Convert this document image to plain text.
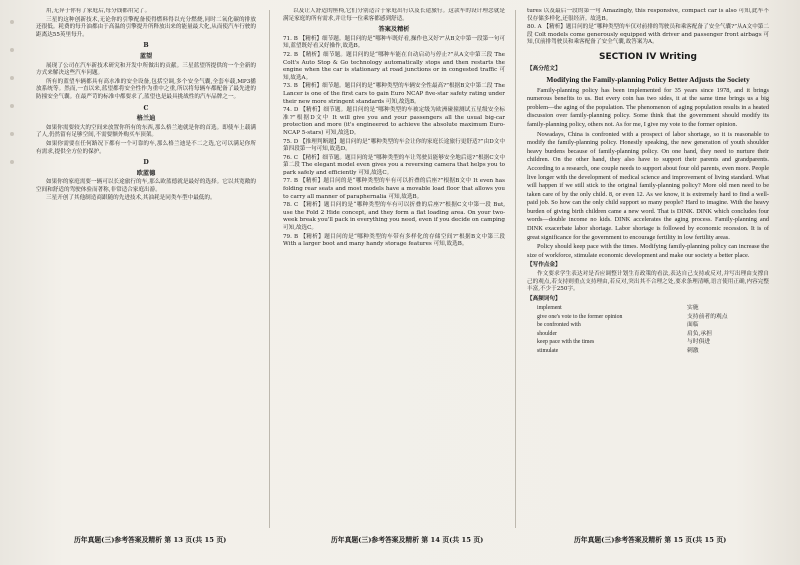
用,无异于你有了家庭后,每分钱都用完了。

三星的这种创新技术,无论你的引擎配备使得燃料得以充分燃烧,同时二氧化碳的排放还很低。耗费的每升油都由于高温的引擎提升所释放出来的能量最大化,从而使汽车行驶的距离达55英里每升。

B

蓝望

展现了公司在汽车新技术研究和开发中所做出的贡献。三星蓝望所提供的一个全新的方式来解决这些汽车问题。

所有的蓝望车辆都具有高水准的安全设备,包括空调,多个安全气囊,全套车载,MP3播放系统等。然而,一直以来,蓝望都将安全性作为重中之重,所以将每辆车都配备了最先进的防撞安全气囊。在最严苛的标准中都要求了,蓝望也是最具挑战性的汽车品牌之一。

C

格兰迪

如果你需要较大的空间来放置你所有的东西,那么格兰迪就是你的首选。即使车上载满了人,仍然留有足够空间,不需要额外购买车顶架。

如果你需要在任何路况下都有一个可靠的车,那么格兰迪是不二之选,它可以满足你所有需求,提供全方位的保护。

D

欧蓝德

如果你的家庭需要一辆可以长途旅行的车,那么欧蓝德就是最好的选择。它以其宽敞的空间和舒适的驾驶体验而著称,非常适合家庭出游。

三星开创了其他制造商跟随的先进技术,其油耗是同类车型中最低的。

以及让人舒适的座椅,它们分别适合于家庭出行以及长途旅行。这款车的设计理念就是满足家庭的所有需求,并让每一位乘客都感到舒适。

答案及精析

71. B 【精析】细节题。题目问的是“哪种车既好看,操作也又好?”从B文中第一段第一句可知,蓝望既好看又好操作,故选B。

72. B 【精析】细节题。题目问的是“哪种车能在自动启动与停止?”从A文中第三段 The Colt's Auto Stop & Go technology automatically stops and then restarts the engine when the car is stationary at road junctions or in congested traffic 可知,故选A。

73. B 【精析】细节题。题目问的是“哪种类型的车辆安全性最高?”根据B文中第二段 The Lancer is one of the first cars to gain Euro NCAP five-star safety rating under their new more stringent standards 可知,故选B。

74. D 【精析】细节题。题目问的是“哪种类型的车被定级为欧洲碰撞测试五星级安全标准?”根据D文中 It will give you and your passengers all the usual big-car protection and more (it's engineered to achieve the absolute maximum Euro-NCAP 5-stars) 可知,故选D。

75. D 【推理判断题】题目问的是“哪种类型的车会让你的家庭长途旅行更舒适?”由D文中第四段第一句可知,故选D。

76. C 【精析】细节题。题目问的是“哪种类型的车让驾驶员能够安全地后退?”根据C文中第二段 The elegant model even gives you a reversing camera that helps you to park safely and efficiently 可知,故选C。

77. B 【精析】题目问的是“哪种类型的车有可以折叠的后座?”根据B文中 It even has folding rear seats and most models have a movable load floor that allows you to carry all manner of paraphernalia 可知,故选B。

78. C 【精析】题目问的是“哪种类型的车有可以折叠的后座?”根据C文中第一段 But, use the Fold 2 Hide concept, and they form a flat loading area. On your two-week break you'll pack in everything you need, even if you decide on camping 可知,故选C。

79. B 【精析】题目问的是“哪种类型的车带有多样化的存储空间?”根据B文中第三段 With a larger boot and many handy storage features 可知,故选B。

tures 以及最后一段的第一句 Amazingly, this responsive, compact car is also 可知,此车不仅存储多样化,还很经济。故选B。

80. A 【精析】题目问的是“哪种类型的车仅对前排的驾驶员和乘客配备了安全气囊?”从A文中第二段 Colt models come generously equipped with driver and passenger front airbags 可知,仅前排驾驶员和乘客配备了安全气囊,故答案为A。

SECTION IV Writing

【高分范文】

Modifying the Family-planning Policy Better Adjusts the Society

Family-planning policy has been implemented for 35 years since 1978, and it brings numerous benefits to us. But every coin has two sides, it at the same time brings us a big problem—the aging of the population. The phenomenon of aging population results in a heated discussion over family-planning policy. Some think that the government should modify its family-planning policy, others not. As for me, I give my vote to the former opinion.

Nowadays, China is confronted with a prospect of labor shortage, so it is reasonable to modify the family-planning policy. Honestly speaking, the new generation of youth shoulder heavy burdens because of family-planning policy. On one hand, they need to nurture their children. On the other hand, they also have to support their parents and grandparents. According to a research, one couple needs to support about four old parents, even more. People live longer with the development of medical science and improvement of living standard. What will happen if we still stick to the original family-planning policy? More old men need to be taken care of by the only child. 8, or even 12. As we know, it is extremely hard to find a well-paid job. So how can the only child support so many people? Hard to imagine. With the heavy burden of giving birth children came a new word. That is DINK. DINK which concludes four words—double income no kids. DINK accelerates the aging process. Family-planning and DINK exacerbate labor shortage. Labor shortage is followed by economic recession. It is of great significance for the government to encourage fertility in low fertility areas.

Policy should keep pace with the times. Modifying family-planning policy can increase the size of workforce, stimulate economic development and make our society a better place.

【写作点金】

作文要求学生表达对是否应调整计划生育政策的看法,表达自己支持或反对,并写出理由支撑自己的观点,若支持则重点支持理由,若反对,突出其不合理之处,要求条理清晰,语言使用正确,内容完整丰富,不少于250字。

【高频词句】

implement	实施
give one's vote to the former opinion	支持前者的观点
be confronted with	面临
shoulder	肩负,承担
keep pace with the times	与时俱进
stimulate	刺激
历年真题(三)参考答案及精析 第 13 页(共 15 页)	历年真题(三)参考答案及精析 第 14 页(共 15 页)	历年真题(三)参考答案及精析 第 15 页(共 15 页)
